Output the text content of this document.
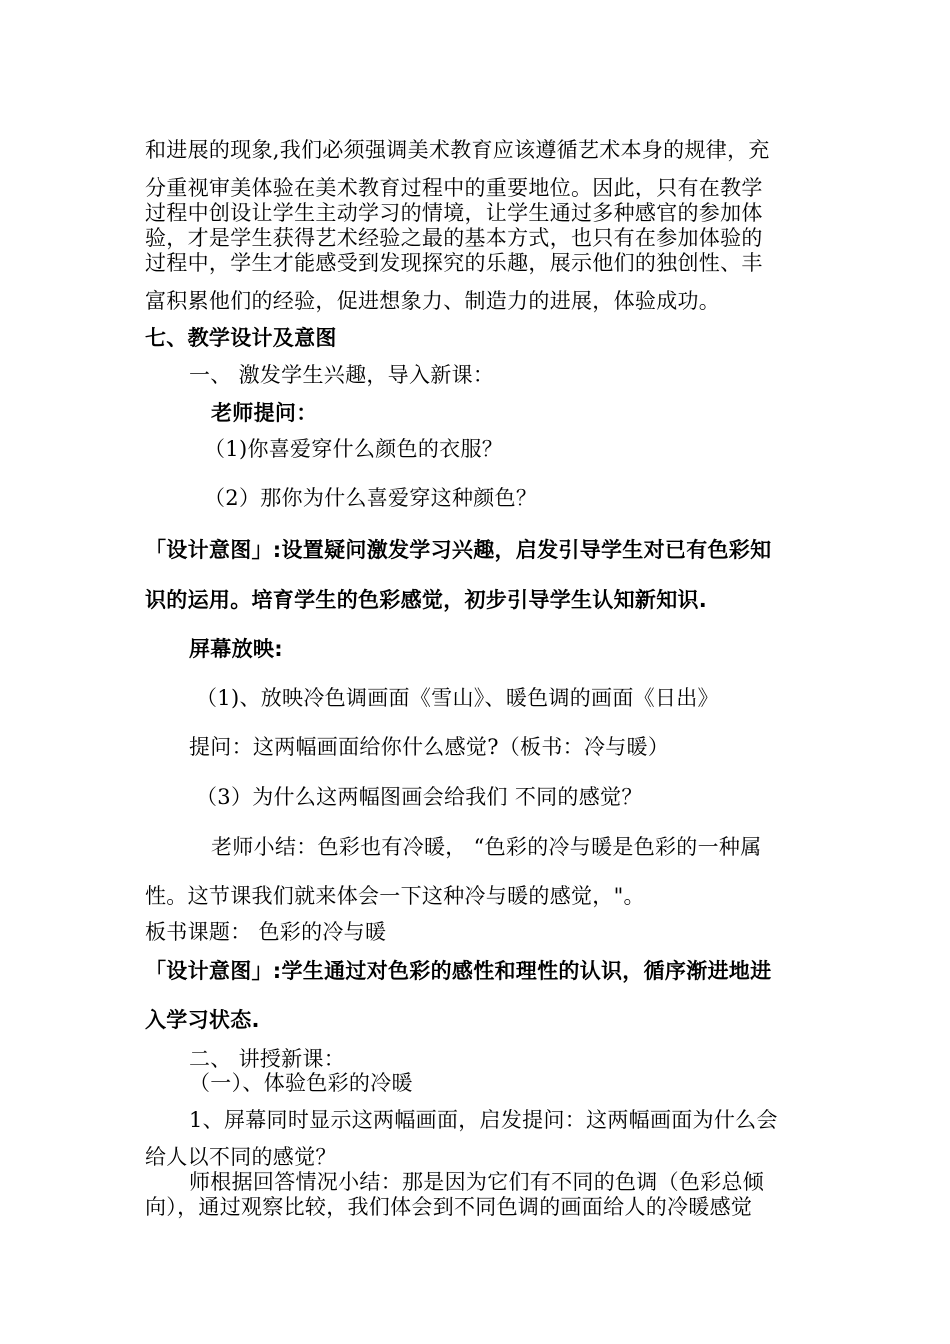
和进展的现象,我们必须强调美术教育应该遵循艺术本身的规律，充
分重视审美体验在美术教育过程中的重要地位。因此，只有在教学
过程中创设让学生主动学习的情境，让学生通过多种感官的参加体
验，才是学生获得艺术经验之最的基本方式，也只有在参加体验的
过程中，学生才能感受到发现探究的乐趣，展示他们的独创性、丰
富积累他们的经验，促进想象力、制造力的进展，体验成功。
七、教学设计及意图
一、 激发学生兴趣，导入新课：
老师提问：
（1)你喜爱穿什么颜色的衣服？
（2）那你为什么喜爱穿这种颜色？
「设计意图」:设置疑问激发学习兴趣，启发引导学生对已有色彩知
识的运用。培育学生的色彩感觉，初步引导学生认知新知识.
屏幕放映:
（1)、放映冷色调画面《雪山》、暖色调的画面《日出》
提问：这两幅画面给你什么感觉?（板书：冷与暖）
（3）为什么这两幅图画会给我们 不同的感觉？
老师小结：色彩也有冷暖， “色彩的冷与暖是色彩的一种属
性。这节课我们就来体会一下这种冷与暖的感觉，"。
板书课题： 色彩的冷与暖
「设计意图」:学生通过对色彩的感性和理性的认识，循序渐进地进
入学习状态.
二、 讲授新课：
（一）、体验色彩的冷暖
1、屏幕同时显示这两幅画面，启发提问：这两幅画面为什么会
给人以不同的感觉？
师根据回答情况小结：那是因为它们有不同的色调（色彩总倾
向），通过观察比较，我们体会到不同色调的画面给人的冷暖感觉
